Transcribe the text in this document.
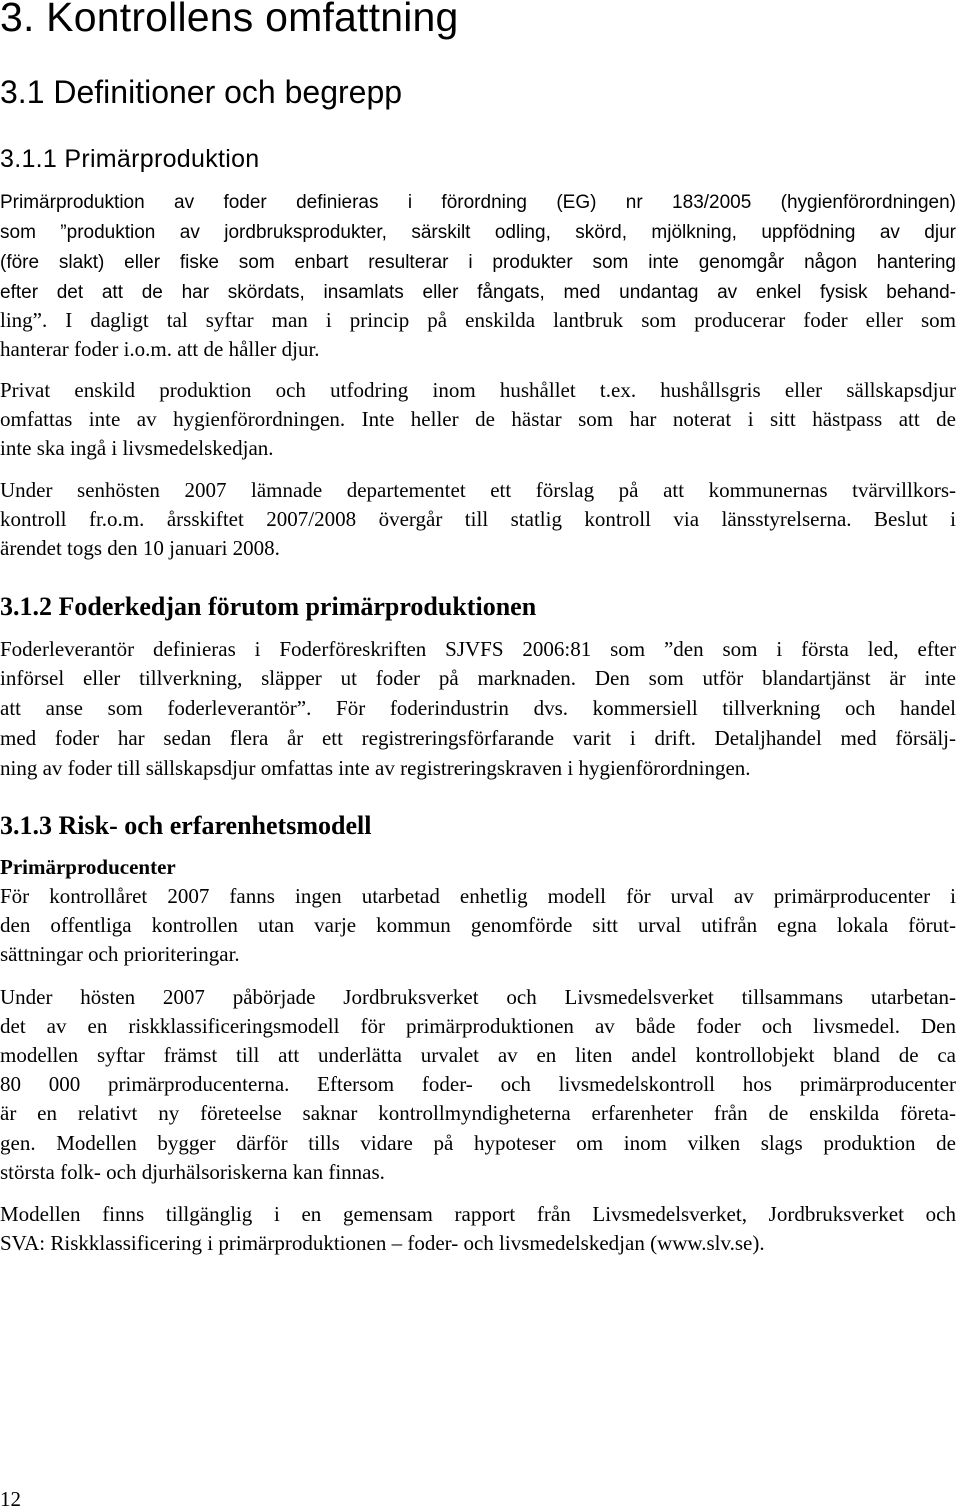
3. Kontrollens omfattning
3.1 Definitioner och begrepp
3.1.1 Primärproduktion
Primärproduktion av foder definieras i förordning (EG) nr 183/2005 (hygienförordningen)
som ”produktion av jordbruksprodukter, särskilt odling, skörd, mjölkning, uppfödning av djur
(före slakt) eller fiske som enbart resulterar i produkter som inte genomgår någon hantering
efter det att de har skördats, insamlats eller fångats, med undantag av enkel fysisk behand-
ling”. I dagligt tal syftar man i princip på enskilda lantbruk som producerar foder eller som
hanterar foder i.o.m. att de håller djur.
Privat enskild produktion och utfodring inom hushållet t.ex. hushållsgris eller sällskapsdjur
omfattas inte av hygienförordningen. Inte heller de hästar som har noterat i sitt hästpass att de
inte ska ingå i livsmedelskedjan.
Under senhösten 2007 lämnade departementet ett förslag på att kommunernas tvärvillkors-
kontroll fr.o.m. årsskiftet 2007/2008 övergår till statlig kontroll via länsstyrelserna. Beslut i
ärendet togs den 10 januari 2008.
3.1.2 Foderkedjan förutom primärproduktionen
Foderleverantör definieras i Foderföreskriften SJVFS 2006:81 som ”den som i första led, efter
införsel eller tillverkning, släpper ut foder på marknaden. Den som utför blandartjänst är inte
att anse som foderleverantör”. För foderindustrin dvs. kommersiell tillverkning och handel
med foder har sedan flera år ett registreringsförfarande varit i drift. Detaljhandel med försälj-
ning av foder till sällskapsdjur omfattas inte av registreringskraven i hygienförordningen.
3.1.3 Risk- och erfarenhetsmodell
Primärproducenter
För kontrollåret 2007 fanns ingen utarbetad enhetlig modell för urval av primärproducenter i
den offentliga kontrollen utan varje kommun genomförde sitt urval utifrån egna lokala förut-
sättningar och prioriteringar.
Under hösten 2007 påbörjade Jordbruksverket och Livsmedelsverket tillsammans utarbetan-
det av en riskklassificeringsmodell för primärproduktionen av både foder och livsmedel. Den
modellen syftar främst till att underlätta urvalet av en liten andel kontrollobjekt bland de ca
80 000 primärproducenterna. Eftersom foder- och livsmedelskontroll hos primärproducenter
är en relativt ny företeelse saknar kontrollmyndigheterna erfarenheter från de enskilda företa-
gen. Modellen bygger därför tills vidare på hypoteser om inom vilken slags produktion de
största folk- och djurhälsoriskerna kan finnas.
Modellen finns tillgänglig i en gemensam rapport från Livsmedelsverket, Jordbruksverket och
SVA: Riskklassificering i primärproduktionen – foder- och livsmedelskedjan (www.slv.se).
12
